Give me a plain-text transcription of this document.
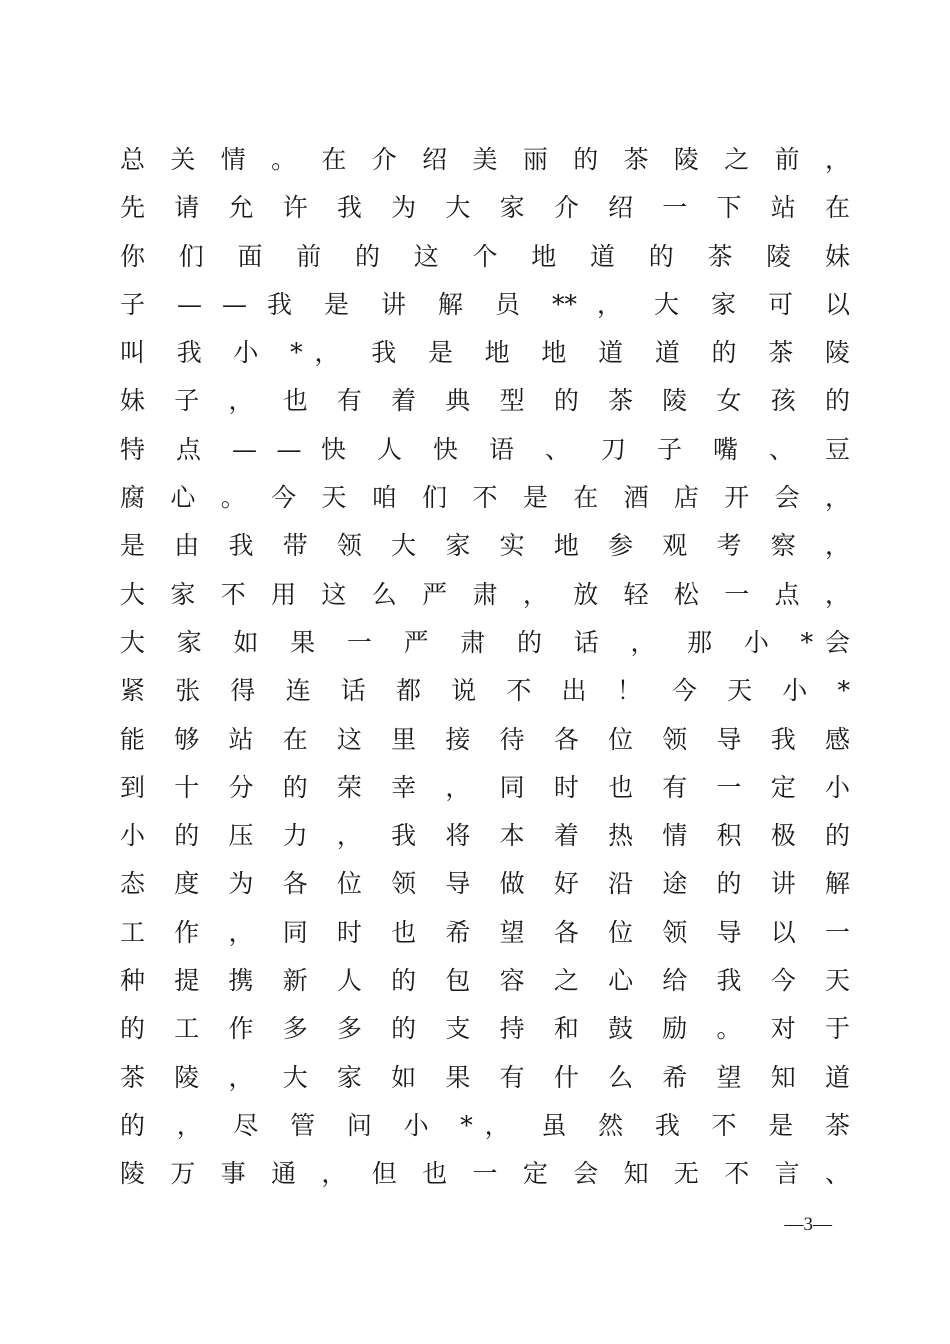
总 关 情 。 在 介 绍 美 丽 的 茶 陵 之 前 ，
先 请 允 许 我 为 大 家 介 绍 一 下 站 在
你 们 面 前 的 这 个 地 道 的 茶 陵 妹
子 — — 我 是 讲 解 员 ** ， 大 家 可 以
叫 我 小 *， 我 是 地 地 道 道 的 茶 陵
妹 子 ， 也 有 着 典 型 的 茶 陵 女 孩 的
特 点 — — 快 人 快 语 、 刀 子 嘴 、 豆
腐 心 。 今 天 咱 们 不 是 在 酒 店 开 会 ，
是 由 我 带 领 大 家 实 地 参 观 考 察 ，
大 家 不 用 这 么 严 肃 ， 放 轻 松 一 点 ，
大 家 如 果 一 严 肃 的 话 ， 那 小 *会
紧 张 得 连 话 都 说 不 出 ！ 今 天 小 *
能 够 站 在 这 里 接 待 各 位 领 导 我 感
到 十 分 的 荣 幸 ， 同 时 也 有 一 定 小
小 的 压 力 ， 我 将 本 着 热 情 积 极 的
态 度 为 各 位 领 导 做 好 沿 途 的 讲 解
工 作 ， 同 时 也 希 望 各 位 领 导 以 一
种 提 携 新 人 的 包 容 之 心 给 我 今 天
的 工 作 多 多 的 支 持 和 鼓 励 。 对 于
茶 陵 ， 大 家 如 果 有 什 么 希 望 知 道
的 ， 尽 管 问 小 *， 虽 然 我 不 是 茶
陵 万 事 通 ， 但 也 一 定 会 知 无 不 言 、
—3—
